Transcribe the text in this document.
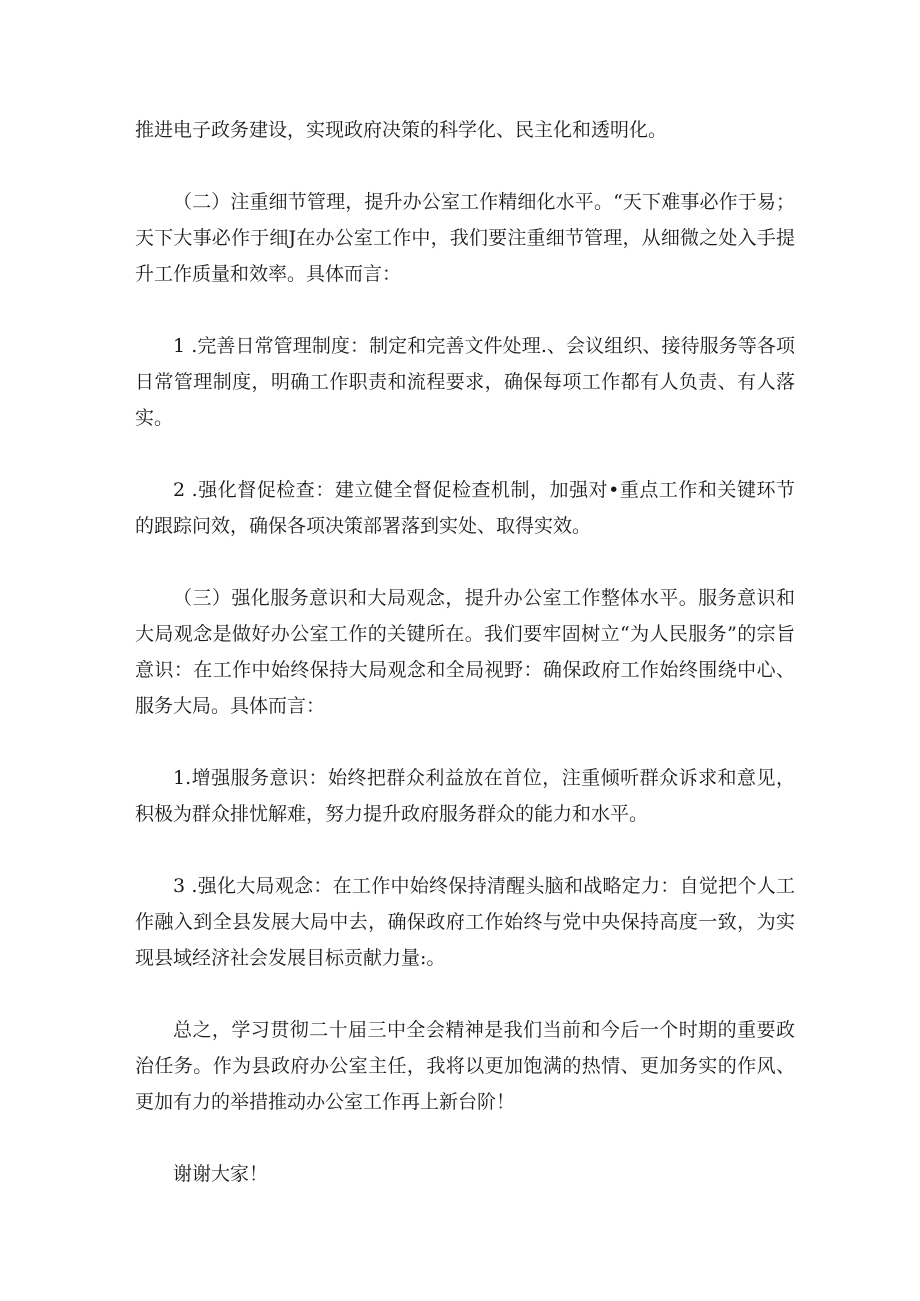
推进电子政务建设，实现政府决策的科学化、民主化和透明化。

（二）注重细节管理，提升办公室工作精细化水平。“天下难事必作于易；天下大事必作于细J在办公室工作中，我们要注重细节管理，从细微之处入手提升工作质量和效率。具体而言：

1 .完善日常管理制度：制定和完善文件处理.、会议组织、接待服务等各项日常管理制度，明确工作职责和流程要求，确保每项工作都有人负责、有人落实。

2 .强化督促检查：建立健全督促检查机制，加强对•重点工作和关键环节的跟踪问效，确保各项决策部署落到实处、取得实效。

（三）强化服务意识和大局观念，提升办公室工作整体水平。服务意识和大局观念是做好办公室工作的关键所在。我们要牢固树立“为人民服务”的宗旨意识：在工作中始终保持大局观念和全局视野：确保政府工作始终围绕中心、服务大局。具体而言：

1.增强服务意识：始终把群众利益放在首位，注重倾听群众诉求和意见，积极为群众排忧解难，努力提升政府服务群众的能力和水平。

3 .强化大局观念：在工作中始终保持清醒头脑和战略定力：自觉把个人工作融入到全县发展大局中去，确保政府工作始终与党中央保持高度一致，为实现县域经济社会发展目标贡献力量:。

总之，学习贯彻二十届三中全会精神是我们当前和今后一个时期的重要政治任务。作为县政府办公室主任，我将以更加饱满的热情、更加务实的作风、更加有力的举措推动办公室工作再上新台阶！

谢谢大家！
